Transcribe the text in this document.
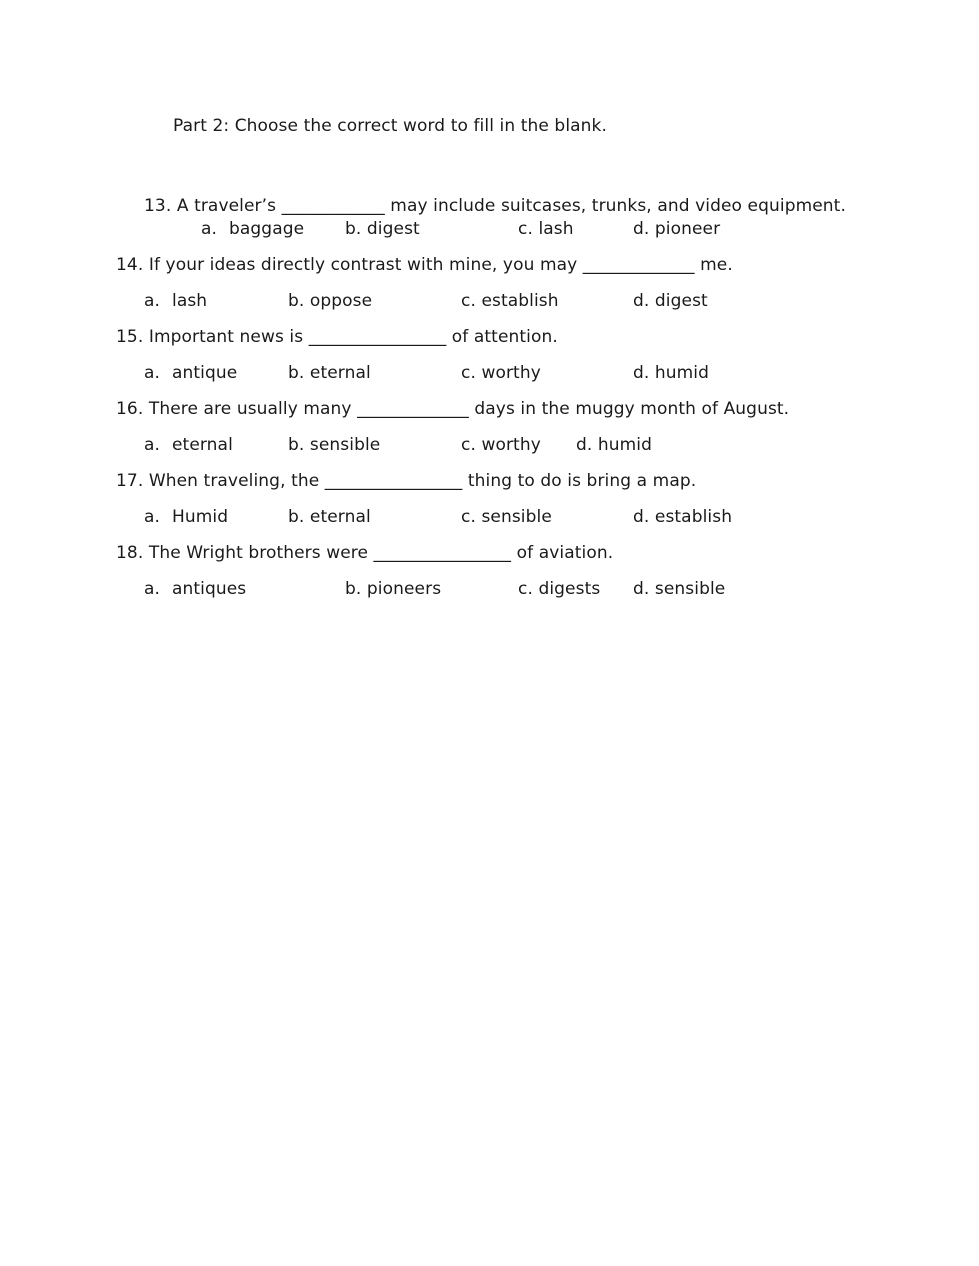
Part 2: Choose the correct word to fill in the blank.
13. A traveler’s ____________ may include suitcases, trunks, and video equipment.
a. baggage b. digest	c. lash	d. pioneer
14. If your ideas directly contrast with mine, you may _____________ me.
a. lash	b. oppose	c. establish	d. digest
15. Important news is ________________ of attention.
a. antique	b. eternal	c. worthy	d. humid
16. There are usually many _____________ days in the muggy month of August.
a. eternal	b. sensible	c. worthy d. humid
17. When traveling, the ________________ thing to do is bring a map.
a. Humid	b. eternal	c. sensible	d. establish
18. The Wright brothers were ________________ of aviation.
a. antiques	b. pioneers	c. digests d. sensible
